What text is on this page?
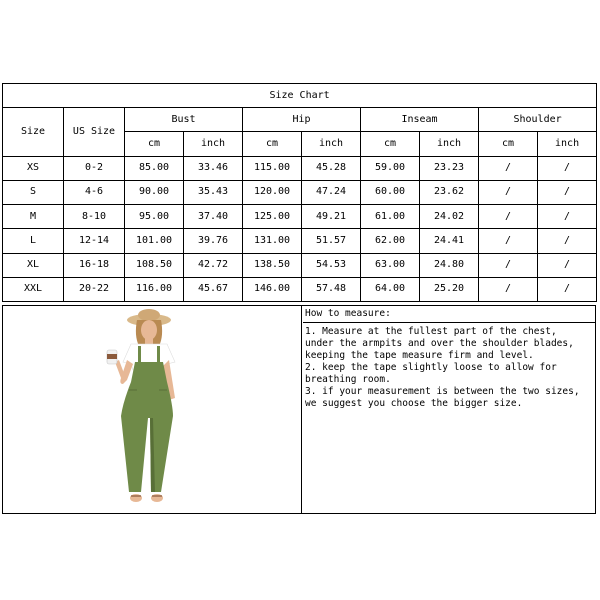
Size Chart									
Size	US Size	Bust		Hip		Inseam		Shoulder	
		cm	inch	cm	inch	cm	inch	cm	inch
XS	0-2	85.00	33.46	115.00	45.28	59.00	23.23	/	/
S	4-6	90.00	35.43	120.00	47.24	60.00	23.62	/	/
M	8-10	95.00	37.40	125.00	49.21	61.00	24.02	/	/
L	12-14	101.00	39.76	131.00	51.57	62.00	24.41	/	/
XL	16-18	108.50	42.72	138.50	54.53	63.00	24.80	/	/
XXL	20-22	116.00	45.67	146.00	57.48	64.00	25.20	/	/
How to measure:
1. Measure at the fullest part of the chest,
under the armpits and over the shoulder blades,
keeping the tape measure firm and level.
2. keep the tape slightly loose to allow for
breathing room.
3. if your measurement is between the two sizes,
we suggest you choose the bigger size.
